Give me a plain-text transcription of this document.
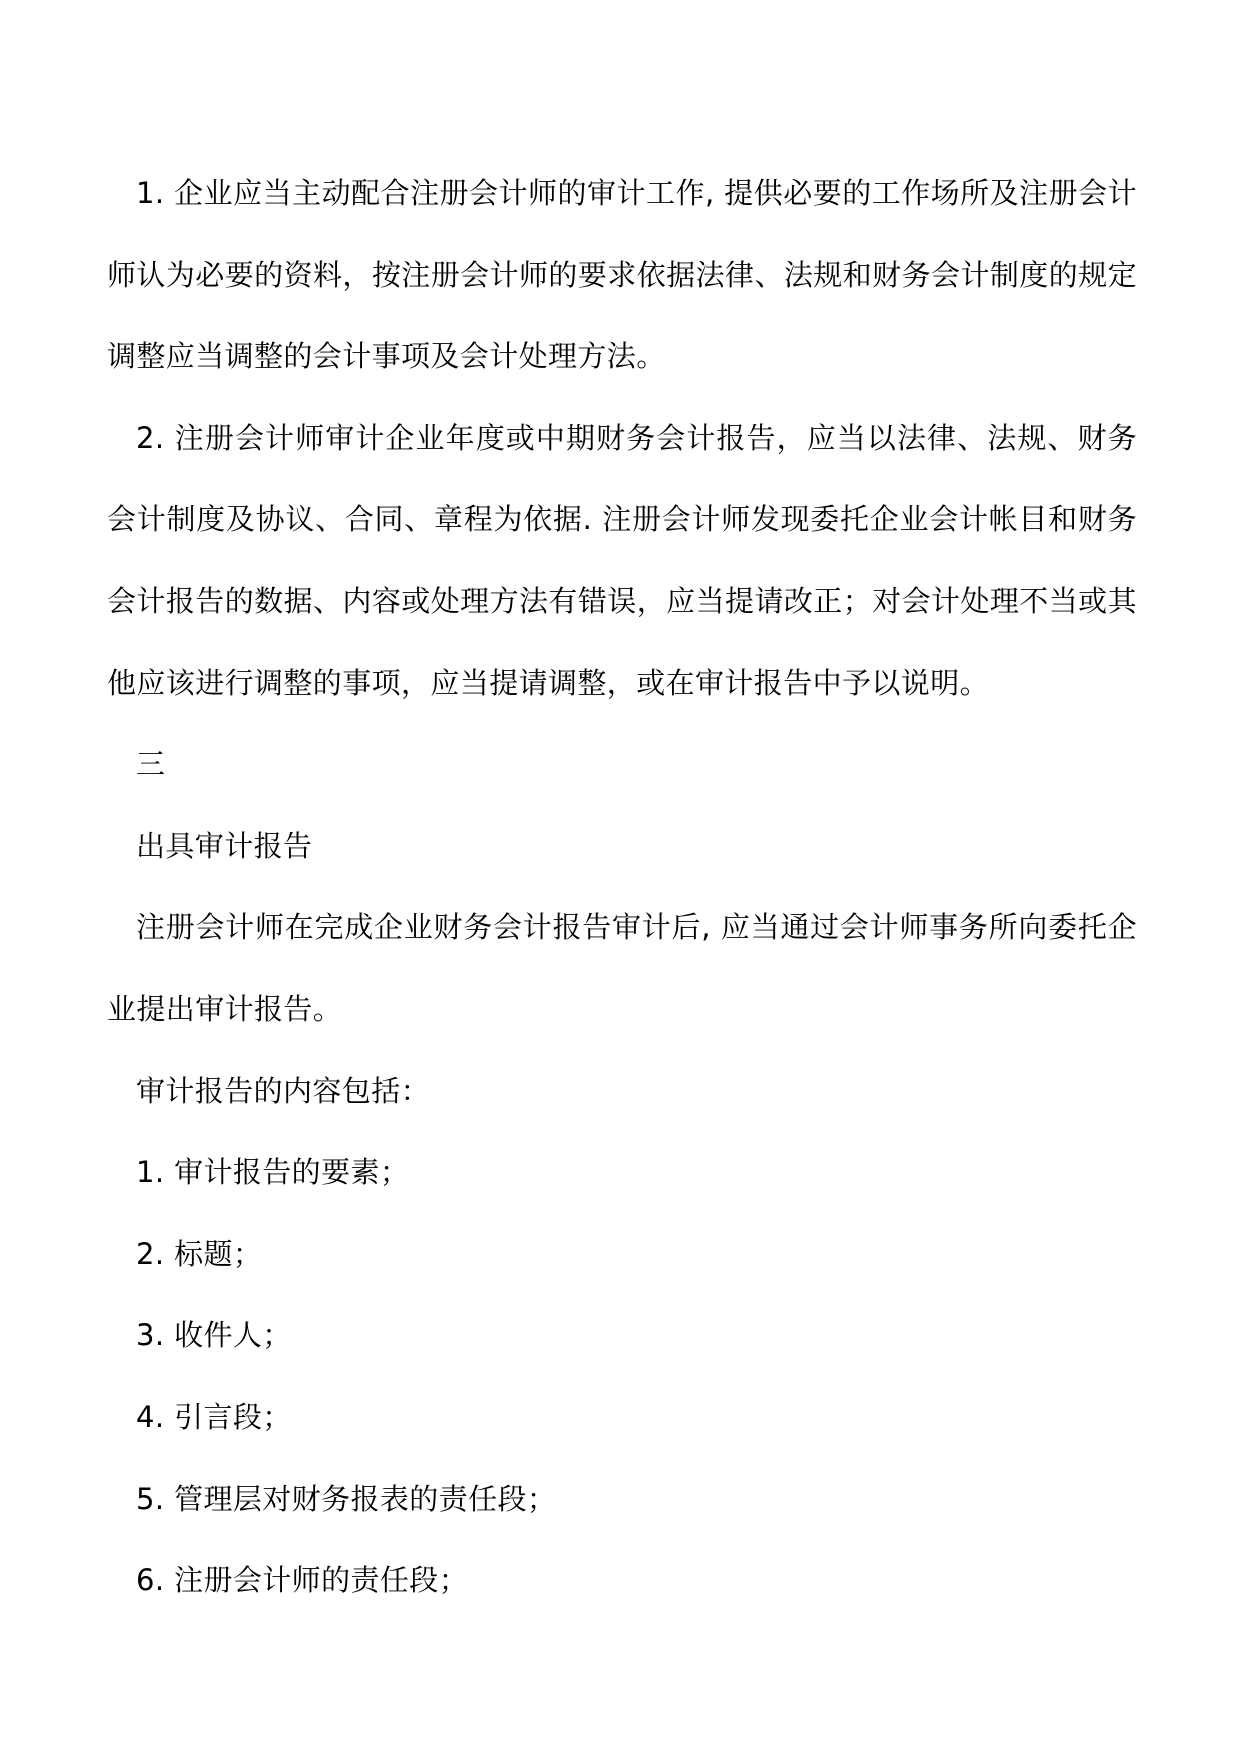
1. 企业应当主动配合注册会计师的审计工作, 提供必要的工作场所及注册会计师认为必要的资料，按注册会计师的要求依据法律、法规和财务会计制度的规定调整应当调整的会计事项及会计处理方法。

2. 注册会计师审计企业年度或中期财务会计报告，应当以法律、法规、财务会计制度及协议、合同、章程为依据. 注册会计师发现委托企业会计帐目和财务会计报告的数据、内容或处理方法有错误，应当提请改正；对会计处理不当或其他应该进行调整的事项，应当提请调整，或在审计报告中予以说明。

三

出具审计报告

注册会计师在完成企业财务会计报告审计后, 应当通过会计师事务所向委托企业提出审计报告。

审计报告的内容包括：

1. 审计报告的要素；

2. 标题；

3. 收件人；

4. 引言段；

5. 管理层对财务报表的责任段；

6. 注册会计师的责任段；
